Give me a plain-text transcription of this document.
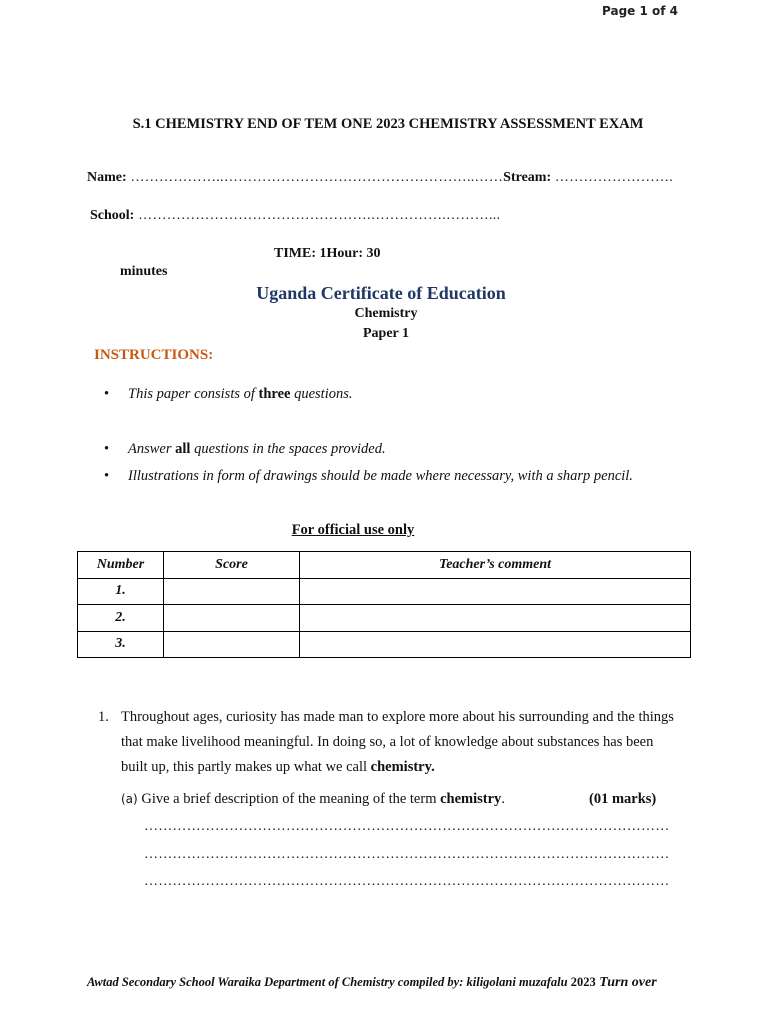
Page 1 of 4
S.1 CHEMISTRY END OF TEM ONE 2023 CHEMISTRY ASSESSMENT EXAM
Name: ………………..……………………………………………..……Stream: …………………….
School: ………………………………………….…………….………...
TIME: 1Hour: 30
minutes
Uganda Certificate of Education
Chemistry
Paper 1
INSTRUCTIONS:
• This paper consists of three questions.
• Answer all questions in the spaces provided.
• Illustrations in form of drawings should be made where necessary, with a sharp pencil.
For official use only
Number	Score	Teacher’s comment
1.		
2.		
3.		
1. Throughout ages, curiosity has made man to explore more about his surrounding and the things that make livelihood meaningful. In doing so, a lot of knowledge about substances has been built up, this partly makes up what we call chemistry.
(a) Give a brief description of the meaning of the term chemistry.	(01 marks)
…………………………………………………………………………………………………
…………………………………………………………………………………………………
…………………………………………………………………………………………………
Awtad Secondary School Waraika Department of Chemistry compiled by: kiligolani muzafalu 2023 Turn over
